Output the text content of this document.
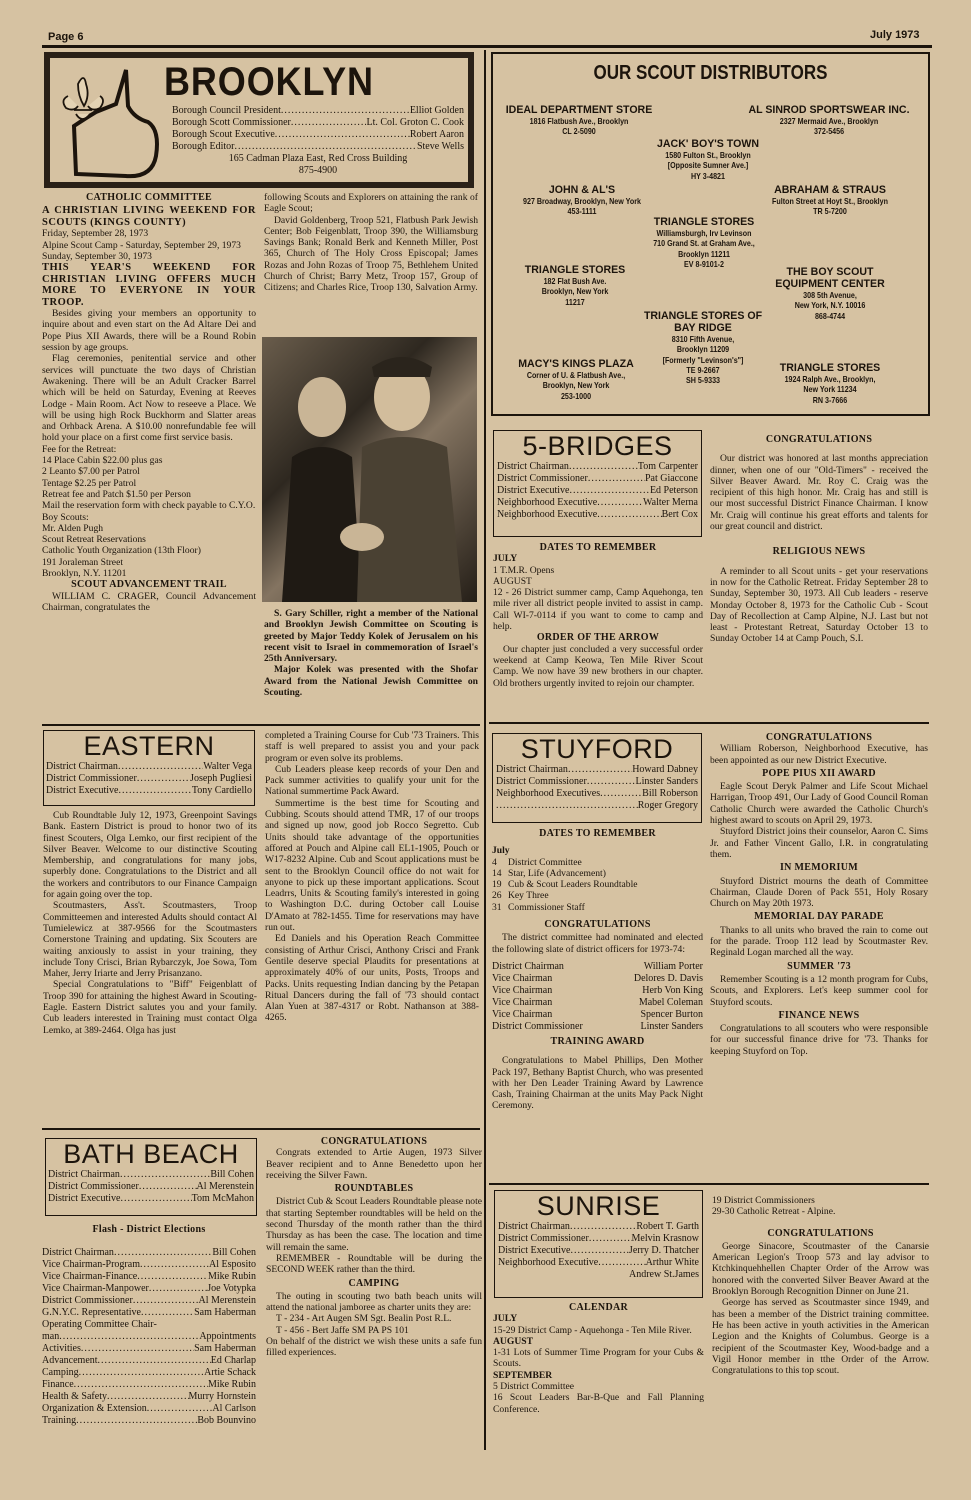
Page 6	July 1973
BROOKLYN
Borough Council President .....	Elliot Golden
Borough Scott Commissioner .....	Lt. Col. Groton C. Cook
Borough Scout Executive .....	Robert Aaron
Borough Editor .....	Steve Wells
165 Cadman Plaza East, Red Cross Building
875-4900
CATHOLIC COMMITTEE
A CHRISTIAN LIVING WEEKEND FOR SCOUTS (KINGS COUNTY)

Friday, September 28, 1973

Alpine Scout Camp - Saturday, September 29, 1973

Sunday, September 30, 1973

THIS YEAR'S WEEKEND FOR CHRISTIAN LIVING OFFERS MUCH MORE TO EVERYONE IN YOUR TROOP.

Besides giving your members an opportunity to inquire about and even start on the Ad Altare Dei and Pope Pius XII Awards, there will be a Round Robin session by age groups.

Flag ceremonies, penitential service and other services will punctuate the two days of Christian Awakening. There will be an Adult Cracker Barrel which will be held on Saturday, Evening at Reeves Lodge - Main Room. Act Now to reseeve a Place. We will be using high Rock Buckhorm and Slatter areas and Orhback Arena. A $10.00 nonrefundable fee will hold your place on a first come first service basis.

Fee for the Retreat:

14 Place Cabin $22.00 plus gas

2 Leanto $7.00 per Patrol

Tentage $2.25 per Patrol

Retreat fee and Patch $1.50 per Person

Mail the reservation form with check payable to C.Y.O.

Boy Scouts:

Mr. Alden Pugh

Scout Retreat Reservations

Catholic Youth Organization (13th Floor)

191 Joraleman Street

Brooklyn, N.Y. 11201

SCOUT ADVANCEMENT TRAIL

WILLIAM C. CRAGER, Council Advancement Chairman, congratulates the

following Scouts and Explorers on attaining the rank of Eagle Scout;

David Goldenberg, Troop 521, Flatbush Park Jewish Center; Bob Feigenblatt, Troop 390, the Williamsburg Savings Bank; Ronald Berk and Kenneth Miller, Post 365, Church of The Holy Cross Episcopal; James Rozas and John Rozas of Troop 75, Bethlehem United Church of Christ; Barry Metz, Troop 157, Group of Citizens; and Charles Rice, Troop 130, Salvation Army.

S. Gary Schiller, right a member of the National and Brooklyn Jewish Committee on Scouting is greeted by Major Teddy Kolek of Jerusalem on his recent visit to Israel in commemoration of Israel's 25th Anniversary.

Major Kolek was presented with the Shofar Award from the National Jewish Committee on Scouting.

OUR SCOUT DISTRIBUTORS
IDEAL DEPARTMENT STORE
1816 Flatbush Ave., Brooklyn
CL 2-5090
AL SINROD SPORTSWEAR INC.
2327 Mermaid Ave., Brooklyn
372-5456
JACK' BOY'S TOWN
1580 Fulton St., Brooklyn
[Opposite Sumner Ave.]
HY 3-4821
JOHN & AL'S
927 Broadway, Brooklyn, New York
453-1111
ABRAHAM & STRAUS
Fulton Street at Hoyt St., Brooklyn
TR 5-7200
TRIANGLE STORES
Williamsburgh, Irv Levinson
710 Grand St. at Graham Ave.,
Brooklyn 11211
EV 8-9101-2
TRIANGLE STORES
182 Flat Bush Ave.
Brooklyn, New York
11217
THE BOY SCOUT EQUIPMENT CENTER
308 5th Avenue,
New York, N.Y. 10016
868-4744
TRIANGLE STORES OF BAY RIDGE
8310 Fifth Avenue,
Brooklyn 11209
[Formerly "Levinson's"]
TE 9-2667
SH 5-9333
MACY'S KINGS PLAZA
Corner of U. & Flatbush Ave.,
Brooklyn, New York
253-1000
TRIANGLE STORES
1924 Ralph Ave., Brooklyn,
New York 11234
RN 3-7666
5-BRIDGES
District Chairman .....	Tom Carpenter
District Commissioner .....	Pat Giaccone
District Executive .....	Ed Peterson
Neighborhood Executive .....	Walter Merna
Neighborhood Executive .....	Bert Cox
DATES TO REMEMBER

JULY

1 T.M.R. Opens

AUGUST

12 - 26 District summer camp, Camp Aquehonga, ten mile river all district people invited to assist in camp. Call WI-7-0114 if you want to come to camp and help.

ORDER OF THE ARROW

Our chapter just concluded a very successful order weekend at Camp Keowa, Ten Mile River Scout Camp. We now have 39 new brothers in our chapter. Old brothers urgently invited to rejoin our champter.

CONGRATULATIONS

Our district was honored at last months appreciation dinner, when one of our "Old-Timers" - received the Silver Beaver Award. Mr. Roy C. Craig was the recipient of this high honor. Mr. Craig has and still is our most successful District Finance Chairman. I know Mr. Craig will continue his great efforts and talents for our great council and district.

RELIGIOUS NEWS

A reminder to all Scout units - get your reservations in now for the Catholic Retreat. Friday September 28 to Sunday, September 30, 1973. All Cub leaders - reserve Monday October 8, 1973 for the Catholic Cub - Scout Day of Recollection at Camp Alpine, N.J. Last but not least - Protestant Retreat, Saturday October 13 to Sunday October 14 at Camp Pouch, S.I.

EASTERN
District Chairman .....	Walter Vega
District Commissioner .....	Joseph Pugliesi
District Executive .....	Tony Cardiello

Cub Roundtable July 12, 1973, Greenpoint Savings Bank. Eastern District is proud to honor two of its finest Scouters, Olga Lemko, our first recipient of the Silver Beaver. Welcome to our distinctive Scouting Membership, and congratulations for many jobs, superbly done. Congratulations to the District and all the workers and contributors to our Finance Campaign for again going over the top.

Scoutmasters, Ass't. Scoutmasters, Troop Committeemen and interested Adults should contact Al Tumielewicz at 387-9566 for the Scoutmasters Cornerstone Training and updating. Six Scouters are waiting anxiously to assist in your training, they include Tony Crisci, Brian Rybarczyk, Joe Sowa, Tom Maher, Jerry Iriarte and Jerry Prisanzano.

Special Congratulations to "Biff" Feigenblatt of Troop 390 for attaining the highest Award in Scouting-Eagle. Eastern District salutes you and your family. Cub leaders interested in Training must contact Olga Lemko, at 389-2464. Olga has just

completed a Training Course for Cub '73 Trainers. This staff is well prepared to assist you and your pack program or even solve its problems.

Cub Leaders please keep records of your Den and Pack summer activities to qualify your unit for the National summertime Pack Award.

Summertime is the best time for Scouting and Cubbing. Scouts should attend TMR, 17 of our troops and signed up now, good job Rocco Segretto. Cub Units should take advantage of the opportunities affored at Pouch and Alpine call EL1-1905, Pouch or W17-8232 Alpine. Cub and Scout applications must be sent to the Brooklyn Council office do not wait for anyone to pick up these important applications. Scout Leadrrs, Units & Scouting family's interested in going to Washington D.C. during October call Louise D'Amato at 782-1455. Time for reservations may have run out.

Ed Daniels and his Operation Reach Committee consisting of Arthur Crisci, Anthony Crisci and Frank Gentile deserve special Plaudits for presentations at approximately 40% of our units, Posts, Troops and Packs. Units requesting Indian dancing by the Petapan Ritual Dancers during the fall of '73 should contact Alan Yuen at 387-4317 or Robt. Nathanson at 388-4265.

STUYFORD
District Chairman .....	Howard Dabney
District Commissioner .....	Linster Sanders
Neighborhood Executives .....	Bill Roberson
.....
Roger Gregory
DATES TO REMEMBER

July

4 District Committee
14 Star, Life (Advancement)
19 Cub & Scout Leaders Roundtable
26 Key Three
31 Commissioner Staff
CONGRATULATIONS

The district committee had nominated and elected the following slate of district officers for 1973-74:

District Chairman	William Porter
Vice Chairman	Delores D. Davis
Vice Chairman	Herb Von King
Vice Chairman	Mabel Coleman
Vice Chairman	Spencer Burton
District Commissioner	Linster Sanders
TRAINING AWARD

Congratulations to Mabel Phillips, Den Mother Pack 197, Bethany Baptist Church, who was presented with her Den Leader Training Award by Lawrence Cash, Training Chairman at the units May Pack Night Ceremony.

CONGRATULATIONS

William Roberson, Neighborhood Executive, has been appointed as our new District Executive.

POPE PIUS XII AWARD

Eagle Scout Deryk Palmer and Life Scout Michael Harrigan, Troop 491, Our Lady of Good Council Roman Catholic Church were awarded the Catholic Church's highest award to scouts on April 29, 1973.

Stuyford District joins their counselor, Aaron C. Sims Jr. and Father Vincent Gallo, I.R. in congratulating them.

IN MEMORIUM

Stuyford District mourns the death of Committee Chairman, Claude Doren of Pack 551, Holy Rosary Church on May 20th 1973.

MEMORIAL DAY PARADE

Thanks to all units who braved the rain to come out for the parade. Troop 112 lead by Scoutmaster Rev. Reginald Logan marched all the way.

SUMMER '73

Remember Scouting is a 12 month program for Cubs, Scouts, and Explorers. Let's keep summer cool for Stuyford scouts.

FINANCE NEWS

Congratulations to all scouters who were responsible for our successful finance drive for '73. Thanks for keeping Stuyford on Top.

BATH BEACH
District Chairman .....	Bill Cohen
District Commissioner .....	Al Merenstein
District Executive .....	Tom McMahon
Flash - District Elections
District Chairman .....	Bill Cohen
Vice Chairman-Program .....	Al Esposito
Vice Chairman-Finance .....	Mike Rubin
Vice Chairman-Manpower .....	Joe Votypka
District Commissioner .....	Al Merenstein
G.N.Y.C. Representative .....	Sam Haberman
Operating Committee Chair-
man .....	Appointments
Activities .....	Sam Haberman
Advancement .....	Ed Charlap
Camping .....	Artie Schack
Finance .....	Mike Rubin
Health & Safety .....	Murry Hornstein
Organization & Extension .....	Al Carlson
Training .....	Bob Bounvino
CONGRATULATIONS

Congrats extended to Artie Augen, 1973 Silver Beaver recipient and to Anne Benedetto upon her receiving the Silver Fawn.

ROUNDTABLES

District Cub & Scout Leaders Roundtable please note that starting September roundtables will be held on the second Thursday of the month rather than the third Thursday as has been the case. The location and time will remain the same.

REMEMBER - Roundtable will be during the SECOND WEEK rather than the third.

CAMPING

The outing in scouting two bath beach units will attend the national jamboree as charter units they are:

T - 234 - Art Augen SM Sgt. Bealin Post R.L.

T - 456 - Bert Jaffe SM PA PS 101

On behalf of the district we wish these units a safe fun filled experiences.

SUNRISE
District Chairman .....	Robert T. Garth
District Commissioner .....	Melvin Krasnow
District Executive .....	Jerry D. Thatcher
Neighborhood Executive .....	Arthur White
Andrew St.James
CALENDAR

JULY

15-29 District Camp - Aquehonga - Ten Mile River.

AUGUST

1-31 Lots of Summer Time Program for your Cubs & Scouts.

SEPTEMBER

5 District Committee

16 Scout Leaders Bar-B-Que and Fall Planning Conference.

19 District Commissioners

29-30 Catholic Retreat - Alpine.

CONGRATULATIONS

George Sinacore, Scoutmaster of the Canarsie American Legion's Troop 573 and lay advisor to Ktchkinquehhellen Chapter Order of the Arrow was honored with the converted Silver Beaver Award at the Brooklyn Borough Recognition Dinner on June 21.

George has served as Scoutmaster since 1949, and has been a member of the District training committee. He has been active in youth activities in the American Legion and the Knights of Columbus. George is a recipient of the Scoutmaster Key, Wood-badge and a Vigil Honor member in tthe Order of the Arrow. Congratulations to this top scout.
